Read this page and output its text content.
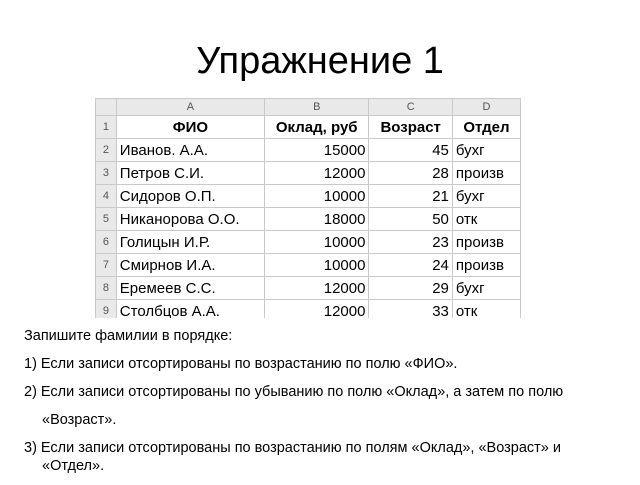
Упражнение 1
	A	B	C	D
1	ФИО	Оклад, руб	Возраст	Отдел
2	Иванов. А.А.	15000	45	бухг
3	Петров С.И.	12000	28	произв
4	Сидоров О.П.	10000	21	бухг
5	Никанорова О.О.	18000	50	отк
6	Голицын И.Р.	10000	23	произв
7	Смирнов И.А.	10000	24	произв
8	Еремеев С.С.	12000	29	бухг
9	Столбцов А.А.	12000	33	отк

Запишите фамилии в порядке:

1) Если записи отсортированы по возрастанию по полю «ФИО».

2) Если записи отсортированы по убыванию по полю «Оклад», а затем по полю
«Возраст».

3) Если записи отсортированы по возрастанию по полям «Оклад», «Возраст» и
«Отдел».
